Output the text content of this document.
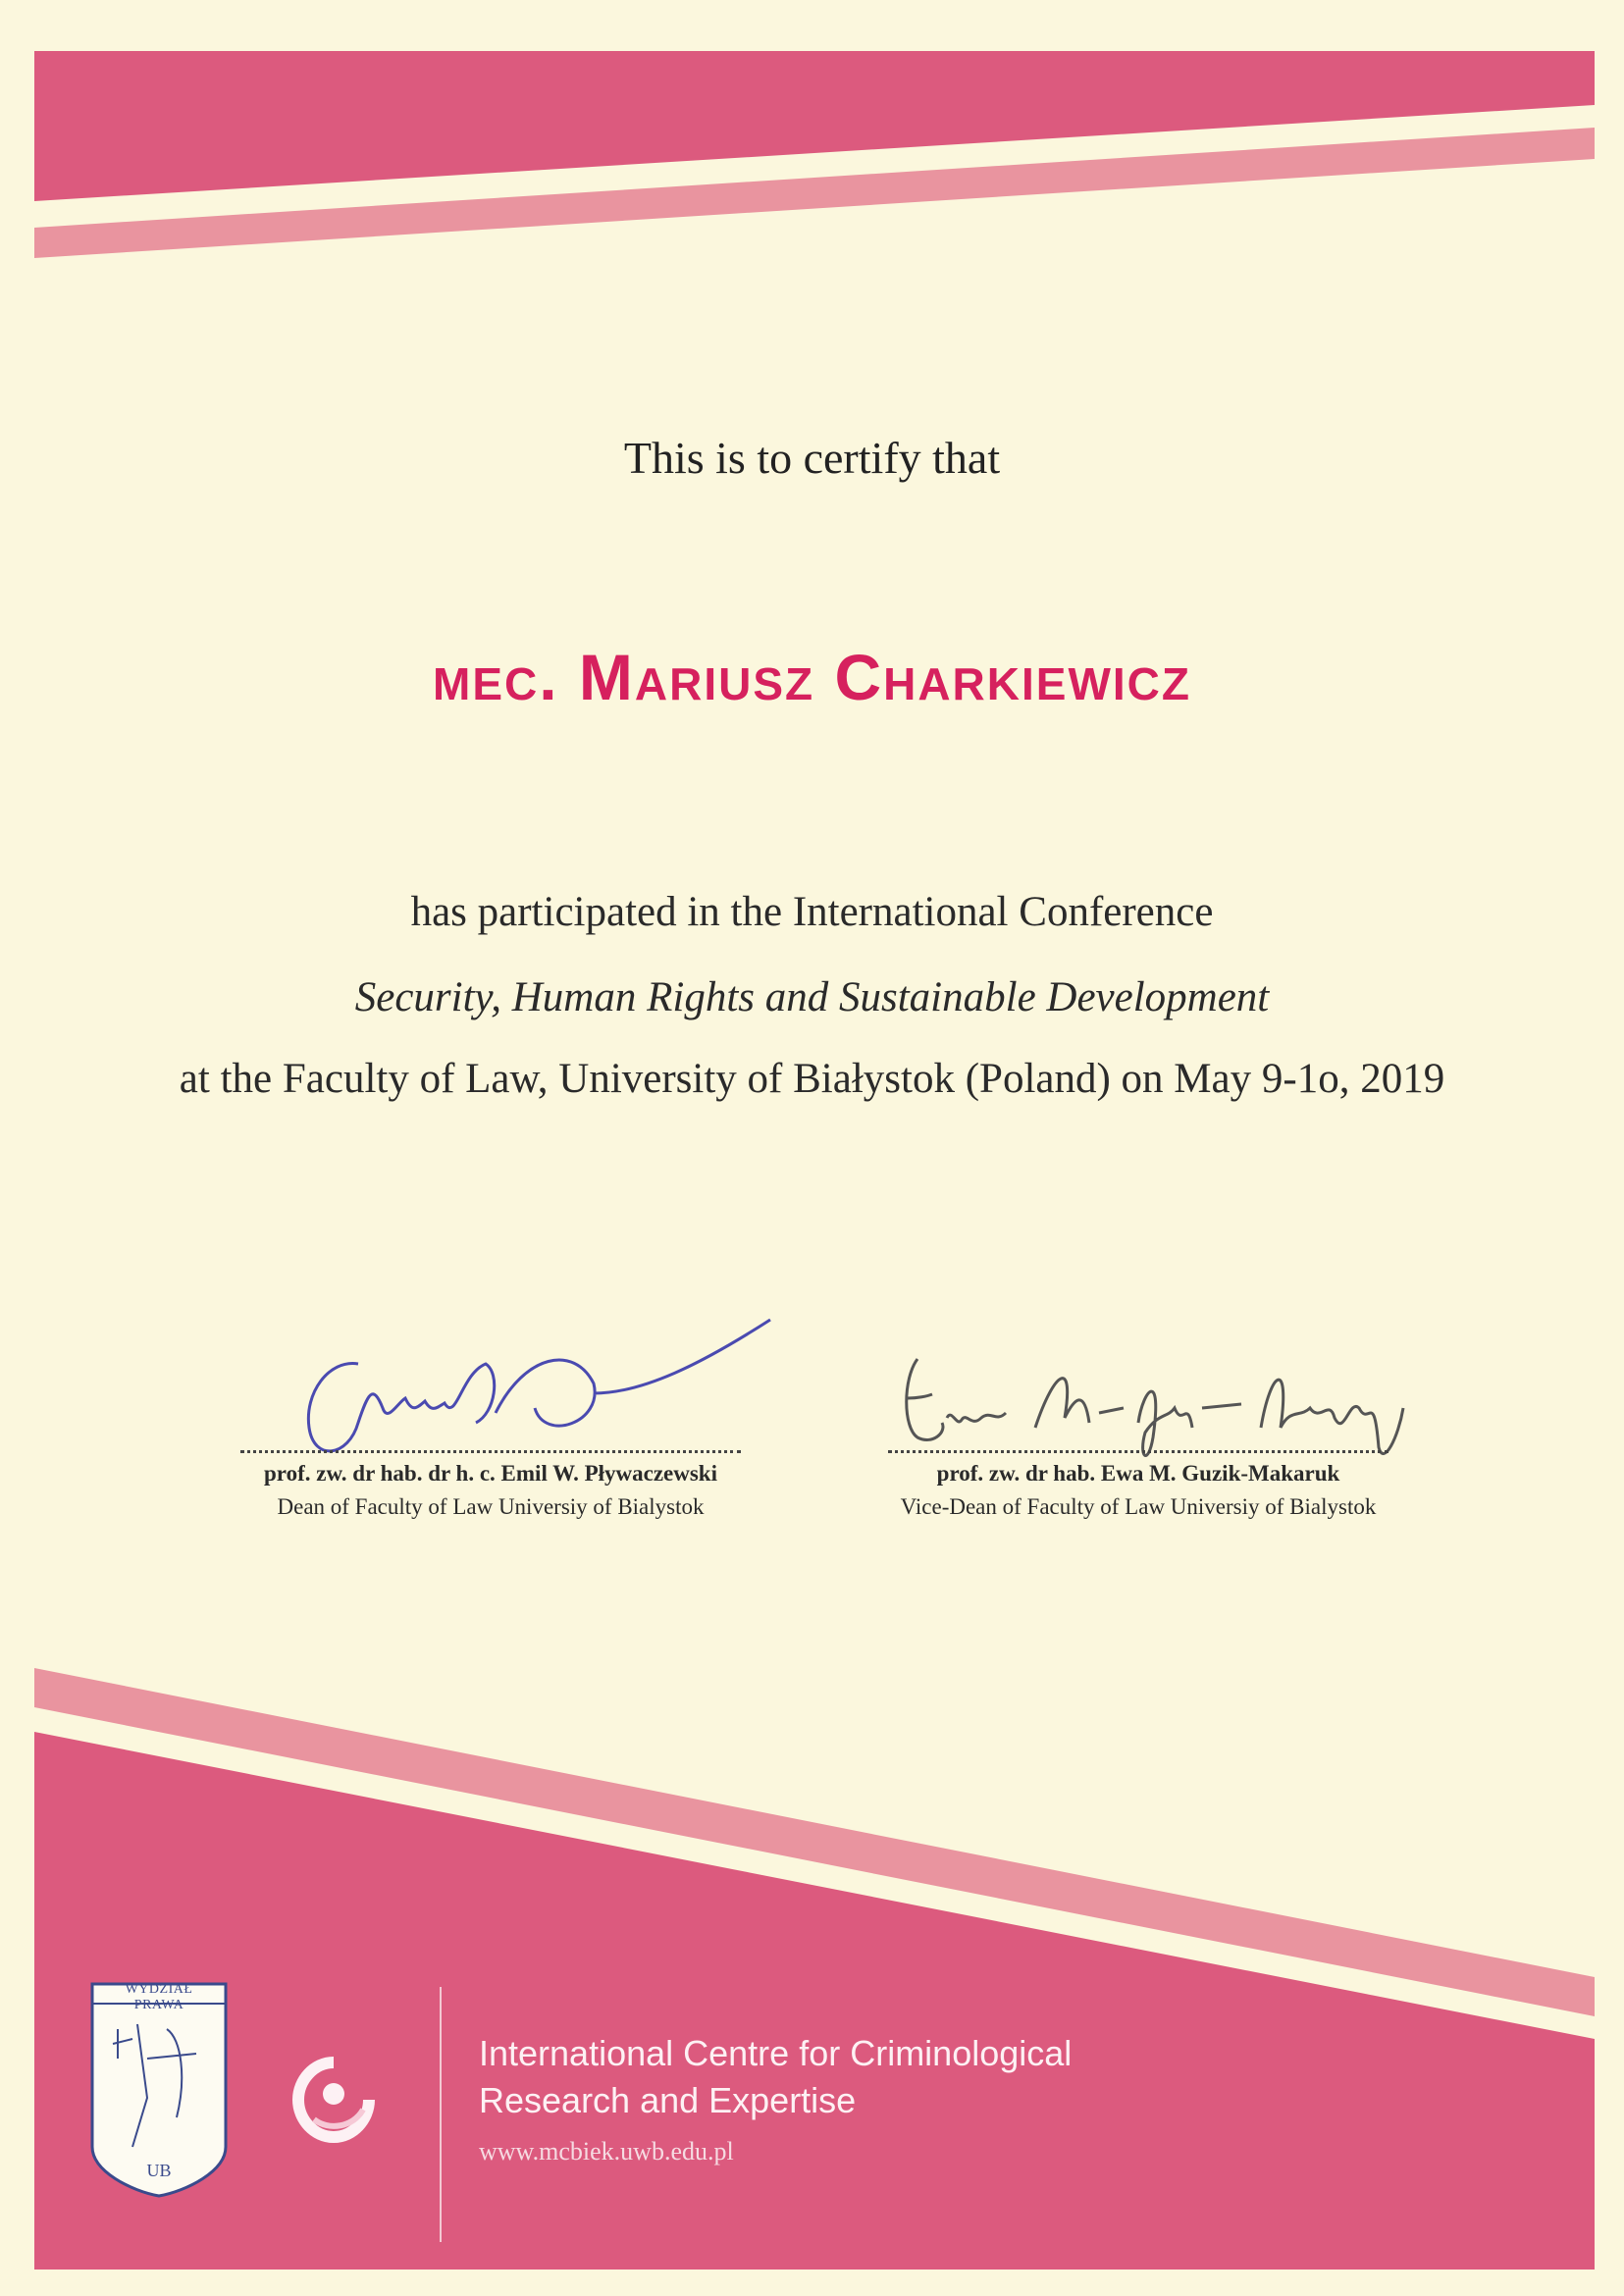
This is to certify that
mec. Mariusz Charkiewicz
has participated in the International Conference
Security, Human Rights and Sustainable Development
at the Faculty of Law, University of Białystok (Poland) on May 9-1o, 2019
prof. zw. dr hab. dr h. c. Emil W. Pływaczewski
Dean of Faculty of Law Universiy of Bialystok
prof. zw. dr hab. Ewa M. Guzik-Makaruk
Vice-Dean of Faculty of Law Universiy of Bialystok
UB
WYDZIAŁ PRAWA
International Centre for Criminological
Research and Expertise
www.mcbiek.uwb.edu.pl
